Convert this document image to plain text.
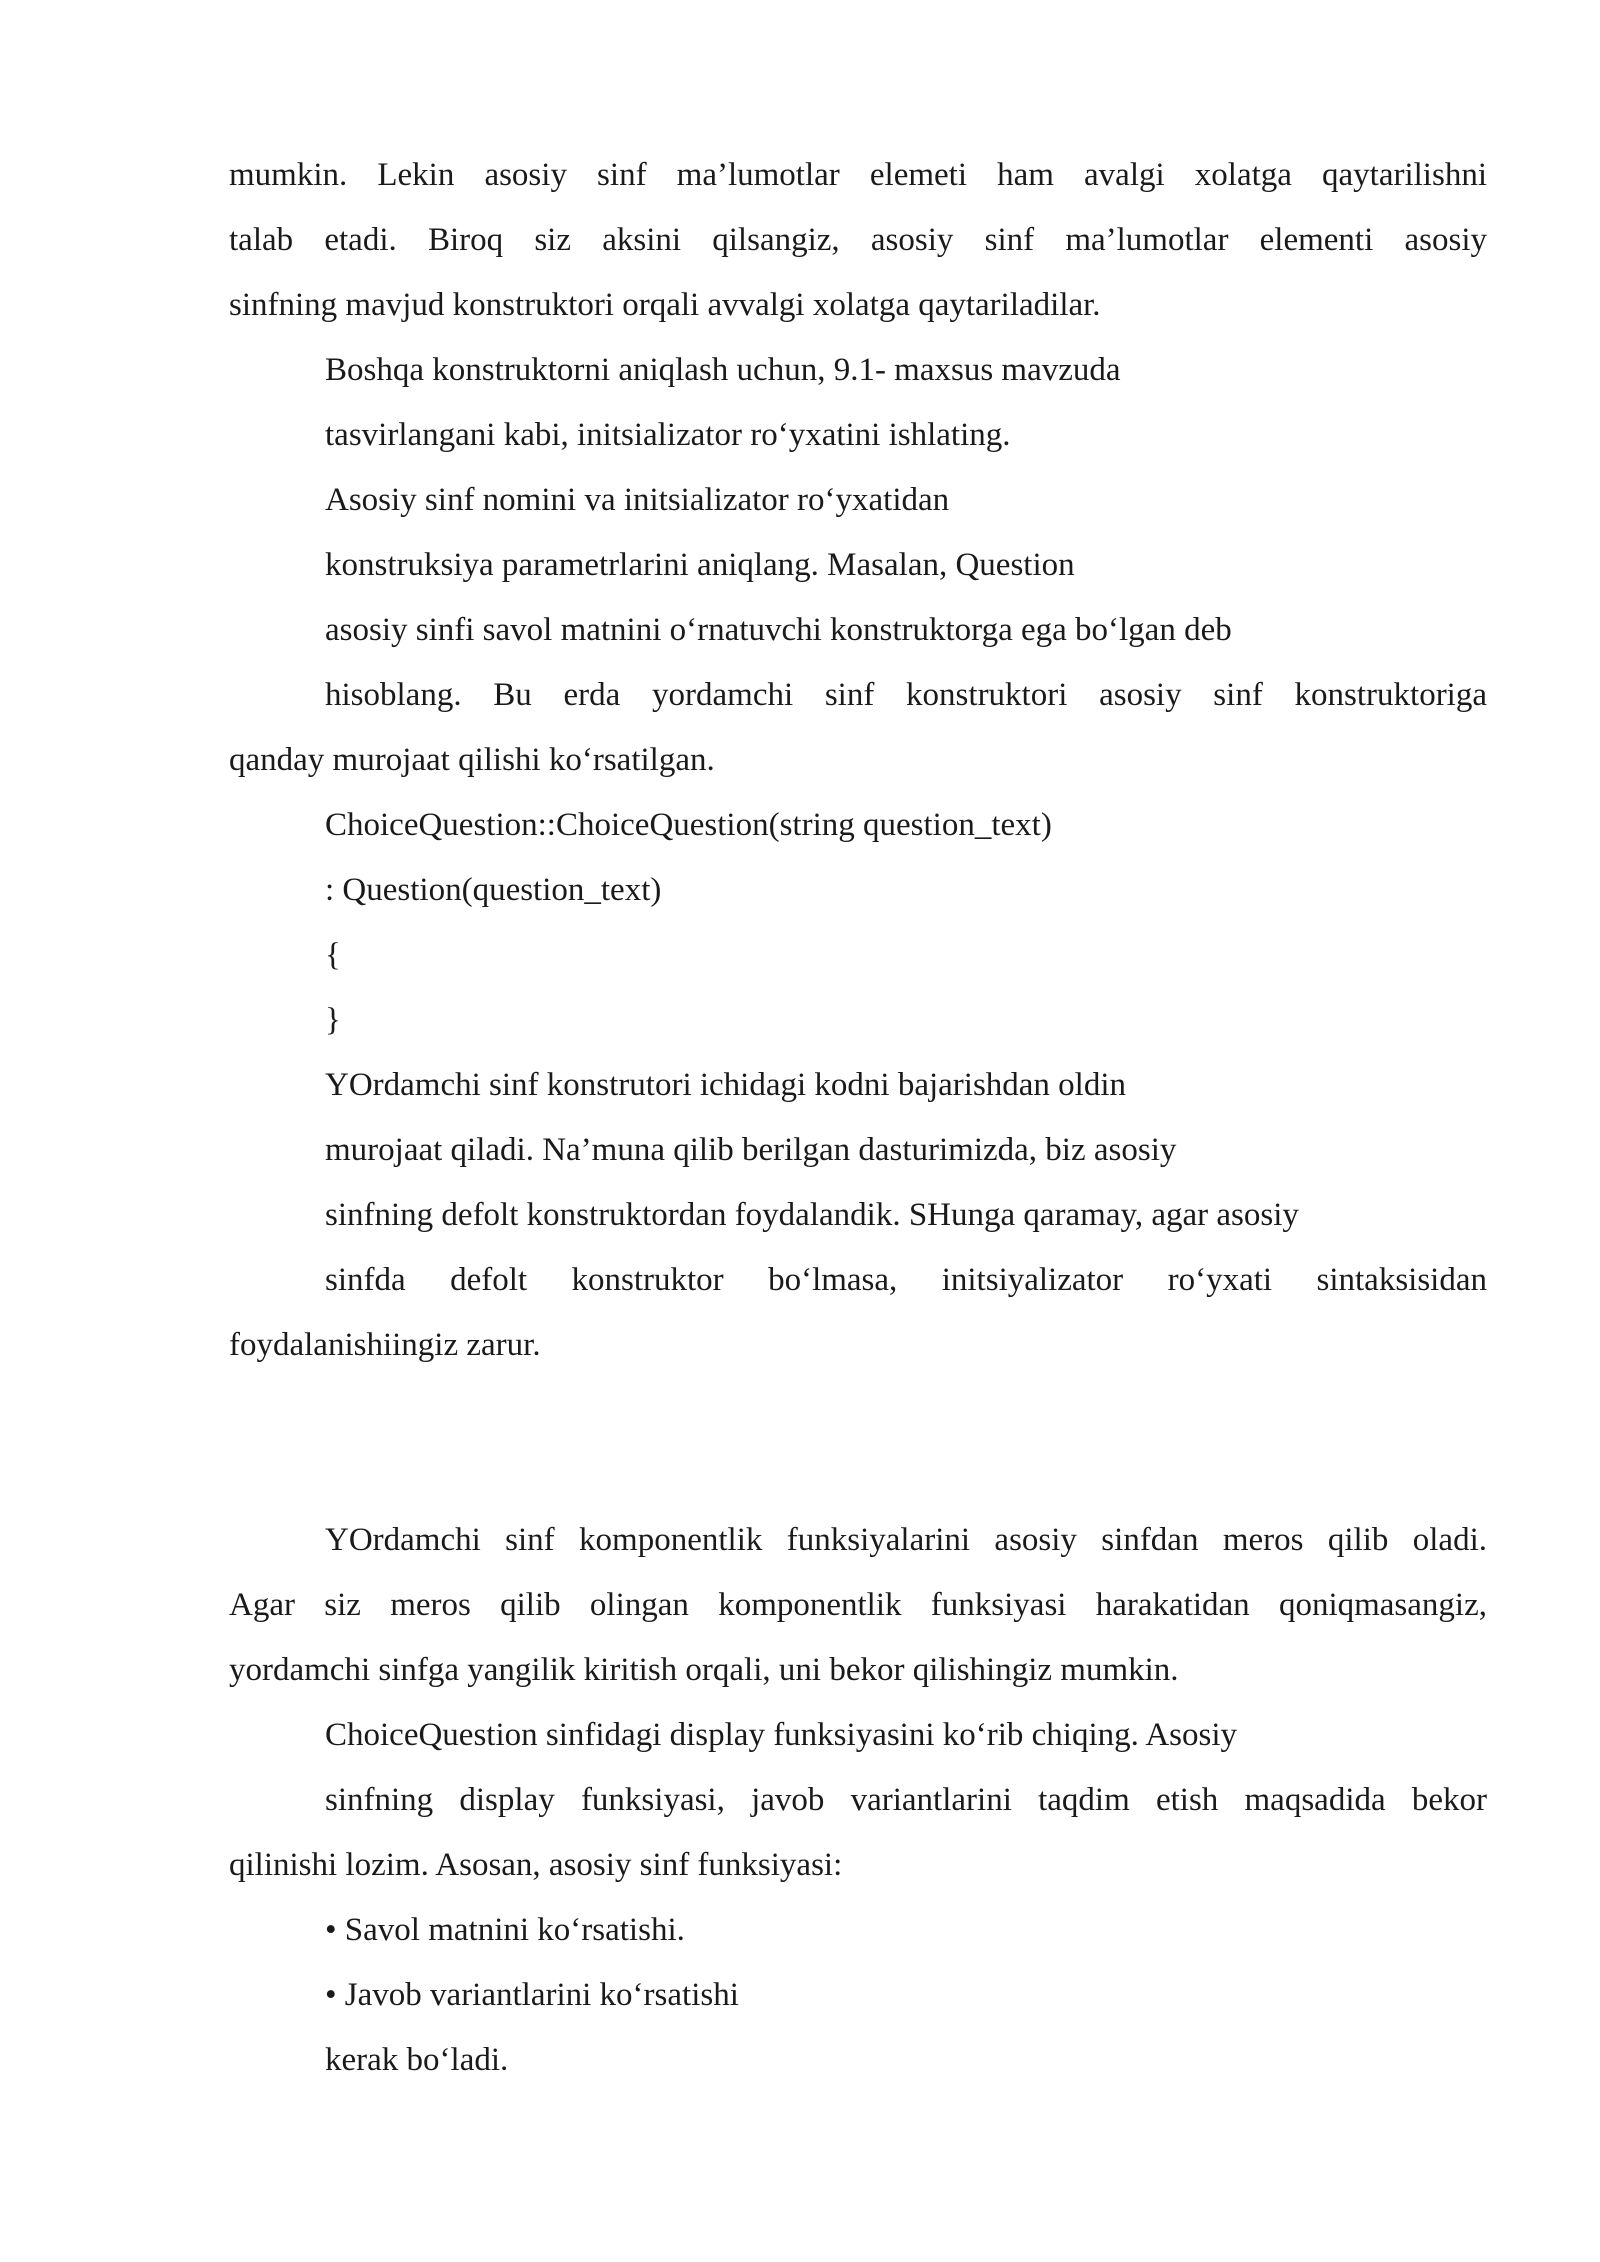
mumkin. Lekin asosiy sinf ma’lumotlar elemeti ham avalgi xolatga qaytarilishni
talab etadi. Biroq siz aksini qilsangiz, asosiy sinf ma’lumotlar elementi asosiy
sinfning mavjud konstruktori orqali avvalgi xolatga qaytariladilar.
Boshqa konstruktorni aniqlash uchun, 9.1- maxsus mavzuda
tasvirlangani kabi, initsializator ro‘yxatini ishlating.
Asosiy sinf nomini va initsializator ro‘yxatidan
konstruksiya parametrlarini aniqlang. Masalan, Question
asosiy sinfi savol matnini o‘rnatuvchi konstruktorga ega bo‘lgan deb
hisoblang. Bu erda yordamchi sinf konstruktori asosiy sinf konstruktoriga
qanday murojaat qilishi ko‘rsatilgan.
ChoiceQuestion::ChoiceQuestion(string question_text)
: Question(question_text)
{
}
YOrdamchi sinf konstrutori ichidagi kodni bajarishdan oldin
murojaat qiladi. Na’muna qilib berilgan dasturimizda, biz asosiy
sinfning defolt konstruktordan foydalandik. SHunga qaramay, agar asosiy
sinfda defolt konstruktor bo‘lmasa, initsiyalizator ro‘yxati sintaksisidan
foydalanishiingiz zarur.
YOrdamchi sinf komponentlik funksiyalarini asosiy sinfdan meros qilib oladi.
Agar siz meros qilib olingan komponentlik funksiyasi harakatidan qoniqmasangiz,
yordamchi sinfga yangilik kiritish orqali, uni bekor qilishingiz mumkin.
ChoiceQuestion sinfidagi display funksiyasini ko‘rib chiqing. Asosiy
sinfning display funksiyasi, javob variantlarini taqdim etish maqsadida bekor
qilinishi lozim. Asosan, asosiy sinf funksiyasi:
• Savol matnini ko‘rsatishi.
• Javob variantlarini ko‘rsatishi
kerak bo‘ladi.
